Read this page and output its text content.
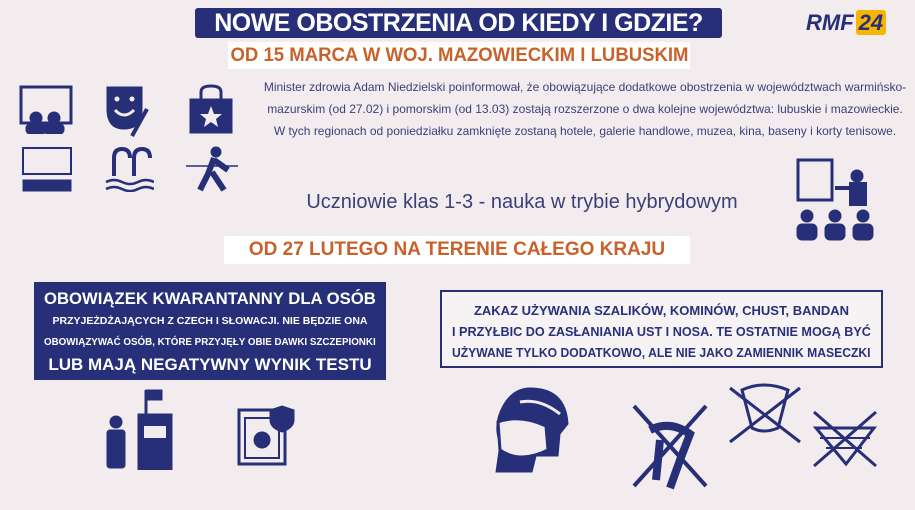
NOWE OBOSTRZENIA OD KIEDY I GDZIE?	RMF 24
OD 15 MARCA W WOJ. MAZOWIECKIM I LUBUSKIM
Minister zdrowia Adam Niedzielski poinformował, że obowiązujące dodatkowe obostrzenia w województwach warmińsko-mazurskim (od 27.02) i pomorskim (od 13.03) zostają rozszerzone o dwa kolejne województwa: lubuskie i mazowieckie. W tych regionach od poniedziałku zamknięte zostaną hotele, galerie handlowe, muzea, kina, baseny i korty tenisowe.
Uczniowie klas 1-3 - nauka w trybie hybrydowym
OD 27 LUTEGO NA TERENIE CAŁEGO KRAJU
OBOWIĄZEK KWARANTANNY DLA OSÓB
PRZYJEŻDŻAJĄCYCH Z CZECH I SŁOWACJI. NIE BĘDZIE ONA
OBOWIĄZYWAĆ OSÓB, KTÓRE PRZYJĘŁY OBIE DAWKI SZCZEPIONKI
LUB MAJĄ NEGATYWNY WYNIK TESTU
ZAKAZ UŻYWANIA SZALIKÓW, KOMINÓW, CHUST, BANDAN
I PRZYŁBIC DO ZASŁANIANIA UST I NOSA. TE OSTATNIE MOGĄ BYĆ
UŻYWANE TYLKO DODATKOWO, ALE NIE JAKO ZAMIENNIK MASECZKI
